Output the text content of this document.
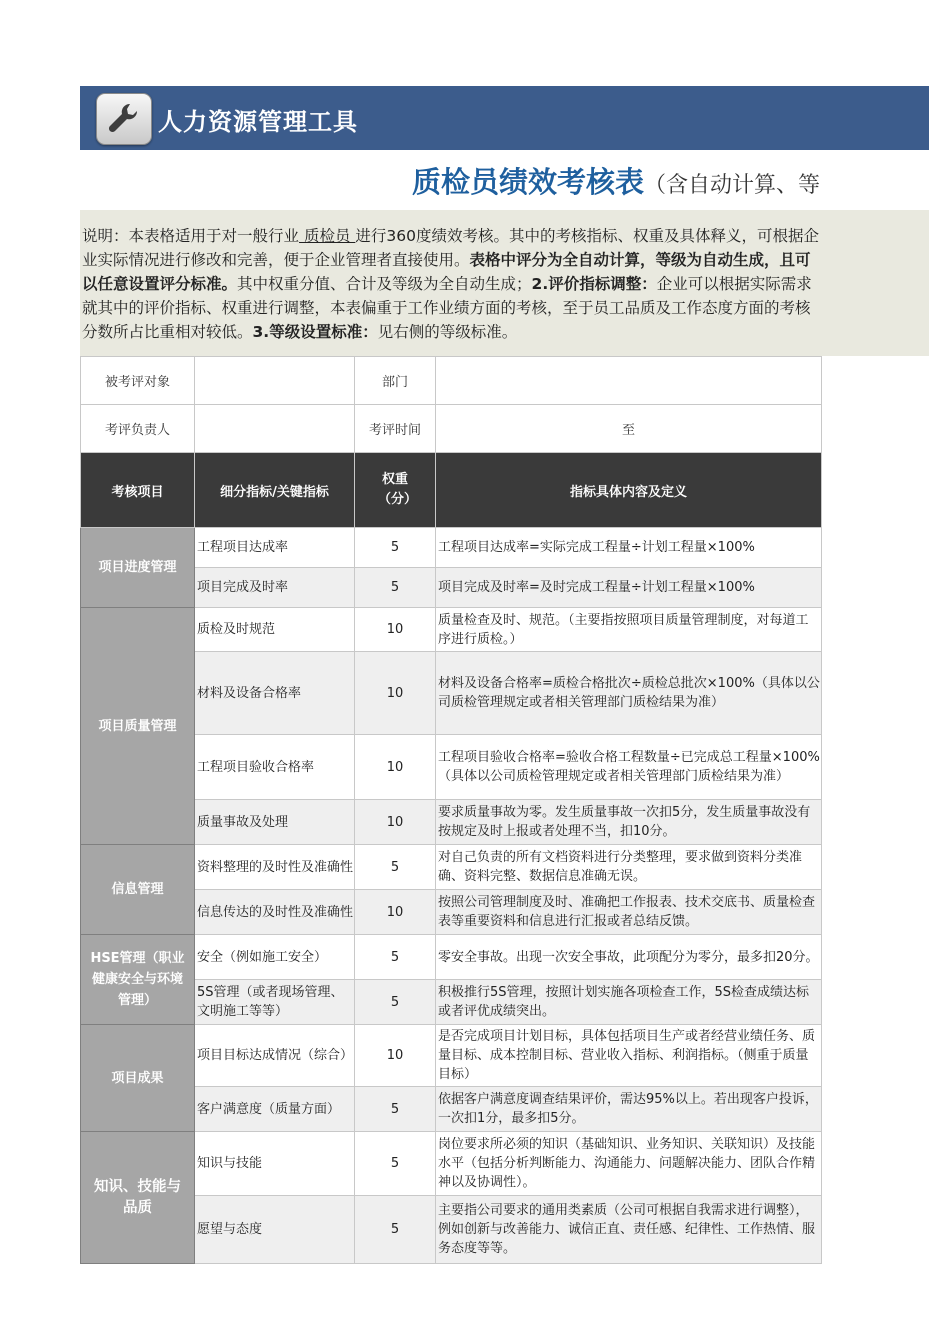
人力资源管理工具
质检员绩效考核表（含自动计算、等
说明：本表格适用于对一般行业 质检员 进行360度绩效考核。其中的考核指标、权重及具体释义，可根据企业实际情况进行修改和完善，便于企业管理者直接使用。表格中评分为全自动计算，等级为自动生成，且可以任意设置评分标准。其中权重分值、合计及等级为全自动生成；2.评价指标调整：企业可以根据实际需求就其中的评价指标、权重进行调整，本表偏重于工作业绩方面的考核，至于员工品质及工作态度方面的考核分数所占比重相对较低。3.等级设置标准：见右侧的等级标准。
被考评对象		部门	
考评负责人		考评时间	至
考核项目	细分指标/关键指标	权重（分）	指标具体内容及定义
项目进度管理	工程项目达成率	5	工程项目达成率=实际完成工程量÷计划工程量×100%
	项目完成及时率	5	项目完成及时率=及时完成工程量÷计划工程量×100%
项目质量管理	质检及时规范	10	质量检查及时、规范。（主要指按照项目质量管理制度，对每道工序进行质检。）
	材料及设备合格率	10	材料及设备合格率=质检合格批次÷质检总批次×100%（具体以公司质检管理规定或者相关管理部门质检结果为准）
	工程项目验收合格率	10	工程项目验收合格率=验收合格工程数量÷已完成总工程量×100%（具体以公司质检管理规定或者相关管理部门质检结果为准）
	质量事故及处理	10	要求质量事故为零。发生质量事故一次扣5分，发生质量事故没有按规定及时上报或者处理不当，扣10分。
信息管理	资料整理的及时性及准确性	5	对自己负责的所有文档资料进行分类整理，要求做到资料分类准确、资料完整、数据信息准确无误。
	信息传达的及时性及准确性	10	按照公司管理制度及时、准确把工作报表、技术交底书、质量检查表等重要资料和信息进行汇报或者总结反馈。
HSE管理（职业健康安全与环境管理）	安全（例如施工安全）	5	零安全事故。出现一次安全事故，此项配分为零分，最多扣20分。
	5S管理（或者现场管理、文明施工等等）	5	积极推行5S管理，按照计划实施各项检查工作，5S检查成绩达标或者评优成绩突出。
项目成果	项目目标达成情况（综合）	10	是否完成项目计划目标，具体包括项目生产或者经营业绩任务、质量目标、成本控制目标、营业收入指标、利润指标。（侧重于质量目标）
	客户满意度（质量方面）	5	依据客户满意度调查结果评价，需达95%以上。若出现客户投诉，一次扣1分，最多扣5分。
知识、技能与品质	知识与技能	5	岗位要求所必须的知识（基础知识、业务知识、关联知识）及技能水平（包括分析判断能力、沟通能力、问题解决能力、团队合作精神以及协调性）。
	愿望与态度	5	主要指公司要求的通用类素质（公司可根据自我需求进行调整），例如创新与改善能力、诚信正直、责任感、纪律性、工作热情、服务态度等等。
